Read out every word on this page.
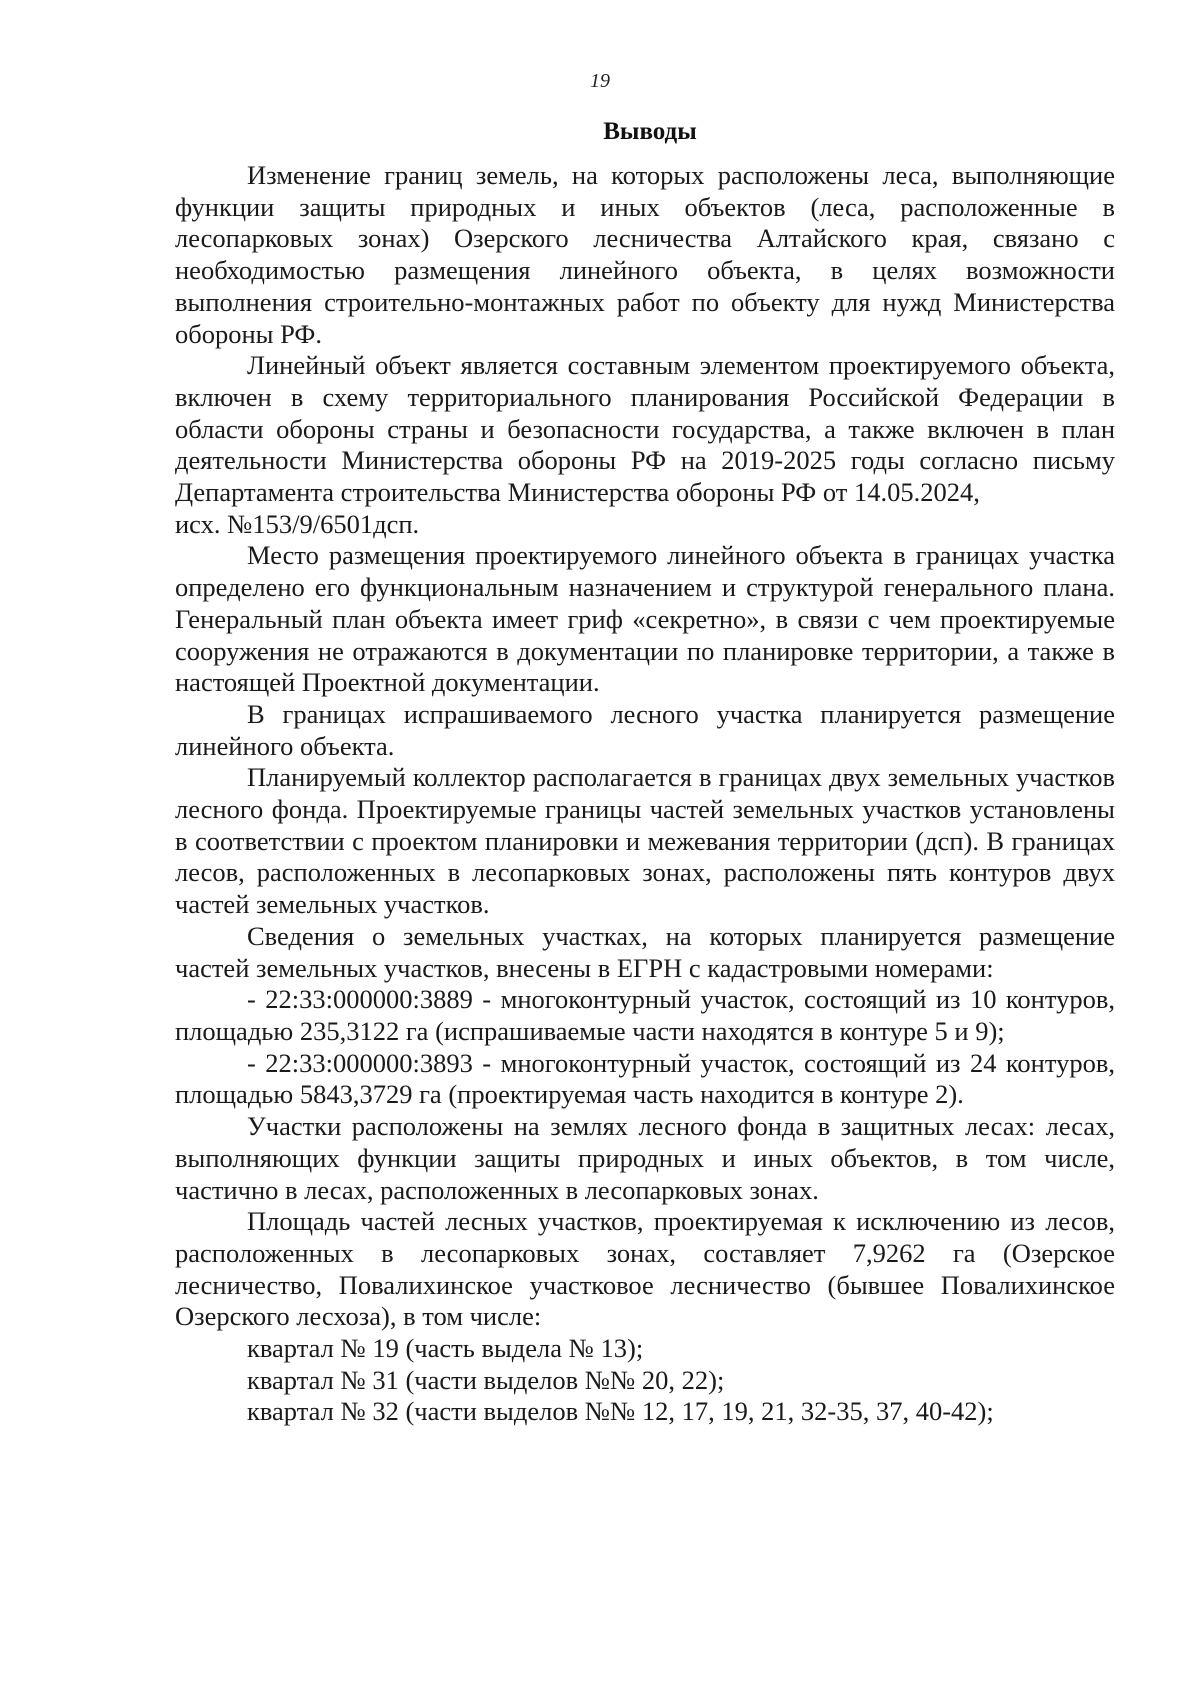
19
Выводы

Изменение границ земель, на которых расположены леса, выполняющие функции защиты природных и иных объектов (леса, расположенные в лесопарковых зонах) Озерского лесничества Алтайского края, связано с необходимостью размещения линейного объекта, в целях возможности выполнения строительно-монтажных работ по объекту для нужд Министерства обороны РФ.

Линейный объект является составным элементом проектируемого объекта, включен в схему территориального планирования Российской Федерации в области обороны страны и безопасности государства, а также включен в план деятельности Министерства обороны РФ на 2019-2025 годы согласно письму Департамента строительства Министерства обороны РФ от 14.05.2024,

исх. №153/9/6501дсп.

Место размещения проектируемого линейного объекта в границах участка определено его функциональным назначением и структурой генерального плана. Генеральный план объекта имеет гриф «секретно», в связи с чем проектируемые сооружения не отражаются в документации по планировке территории, а также в настоящей Проектной документации.

В границах испрашиваемого лесного участка планируется размещение линейного объекта.

Планируемый коллектор располагается в границах двух земельных участков лесного фонда. Проектируемые границы частей земельных участков установлены в соответствии с проектом планировки и межевания территории (дсп). В границах лесов, расположенных в лесопарковых зонах, расположены пять контуров двух частей земельных участков.

Сведения о земельных участках, на которых планируется размещение частей земельных участков, внесены в ЕГРН с кадастровыми номерами:

- 22:33:000000:3889 - многоконтурный участок, состоящий из 10 контуров, площадью 235,3122 га (испрашиваемые части находятся в контуре 5 и 9);

- 22:33:000000:3893 - многоконтурный участок, состоящий из 24 контуров, площадью 5843,3729 га (проектируемая часть находится в контуре 2).

Участки расположены на землях лесного фонда в защитных лесах: лесах, выполняющих функции защиты природных и иных объектов, в том числе, частично в лесах, расположенных в лесопарковых зонах.

Площадь частей лесных участков, проектируемая к исключению из лесов, расположенных в лесопарковых зонах, составляет 7,9262 га (Озерское лесничество, Повалихинское участковое лесничество (бывшее Повалихинское Озерского лесхоза), в том числе:

квартал № 19 (часть выдела № 13);

квартал № 31 (части выделов №№ 20, 22);

квартал № 32 (части выделов №№ 12, 17, 19, 21, 32-35, 37, 40-42);
